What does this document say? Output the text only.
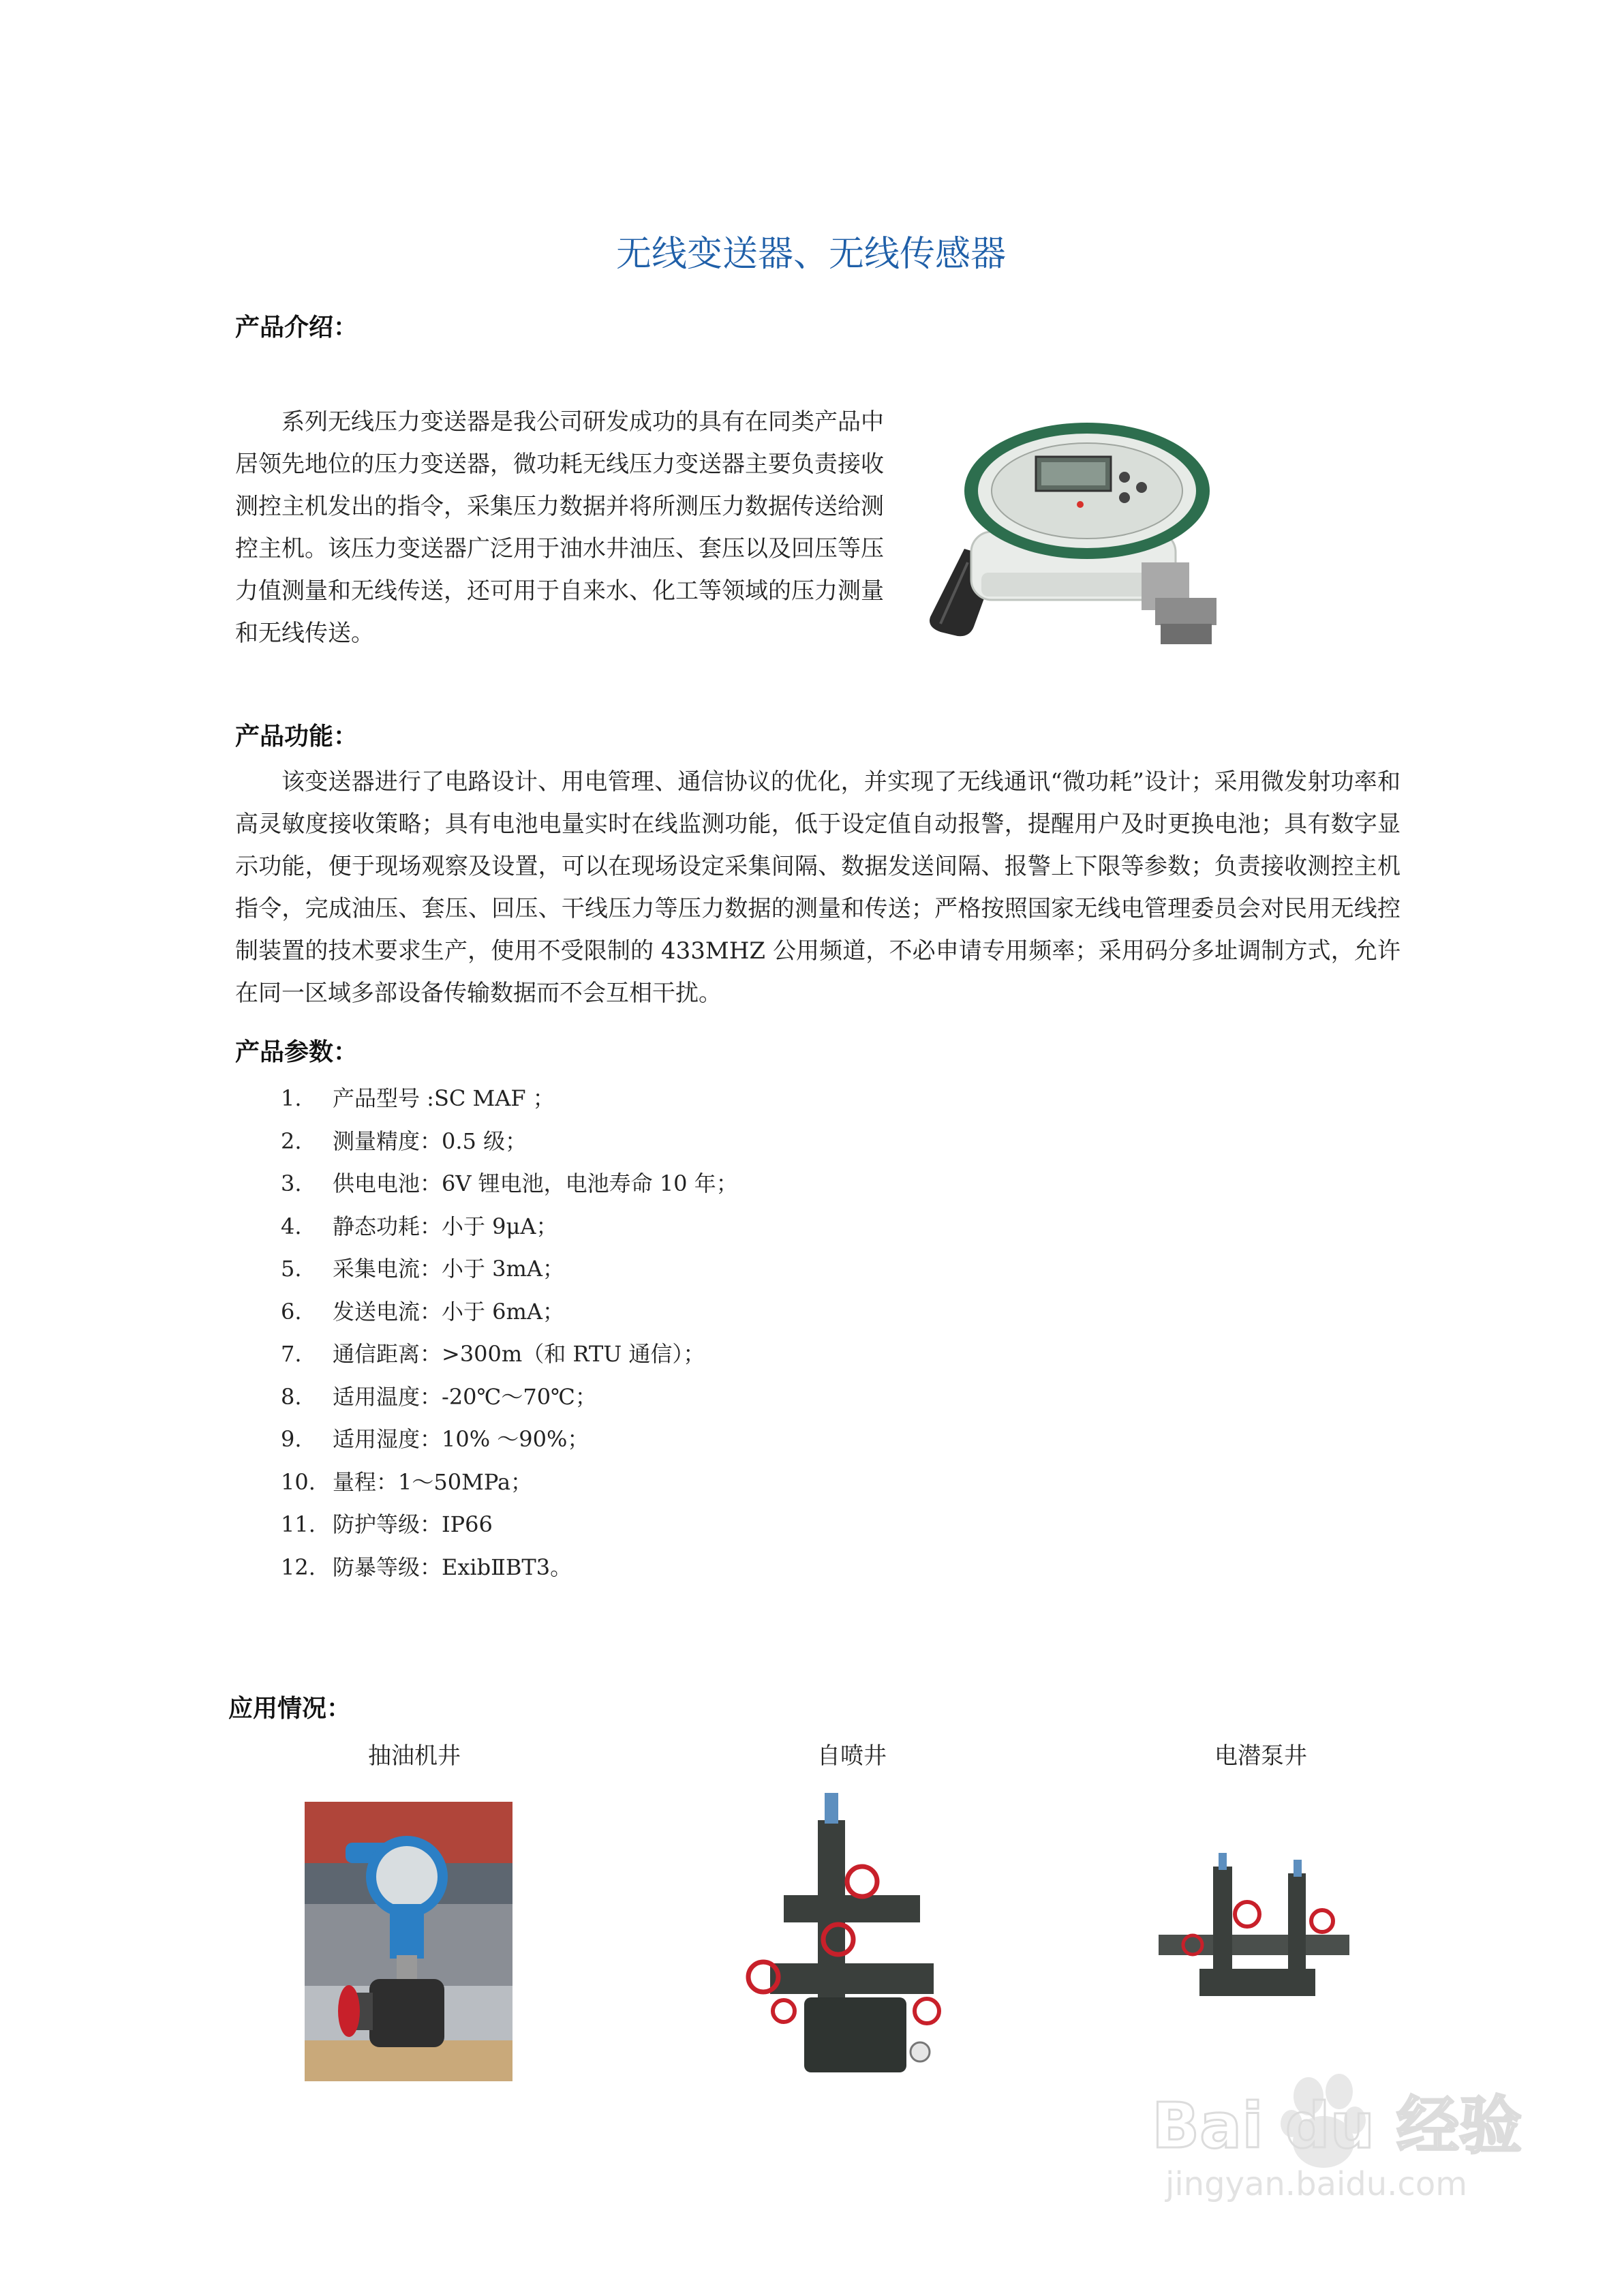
无线变送器、无线传感器
产品介绍：
系列无线压力变送器是我公司研发成功的具有在同类产品中居领先地位的压力变送器，微功耗无线压力变送器主要负责接收测控主机发出的指令，采集压力数据并将所测压力数据传送给测控主机。该压力变送器广泛用于油水井油压、套压以及回压等压力值测量和无线传送，还可用于自来水、化工等领域的压力测量和无线传送。
产品功能：
该变送器进行了电路设计、用电管理、通信协议的优化，并实现了无线通讯“微功耗”设计；采用微发射功率和高灵敏度接收策略；具有电池电量实时在线监测功能，低于设定值自动报警，提醒用户及时更换电池；具有数字显示功能，便于现场观察及设置，可以在现场设定采集间隔、数据发送间隔、报警上下限等参数；负责接收测控主机指令，完成油压、套压、回压、干线压力等压力数据的测量和传送；严格按照国家无线电管理委员会对民用无线控制装置的技术要求生产，使用不受限制的 433MHZ 公用频道，不必申请专用频率；采用码分多址调制方式，允许在同一区域多部设备传输数据而不会互相干扰。
产品参数：
1. 产品型号 :SC MAF ；
2. 测量精度：0.5 级；
3. 供电电池：6V 锂电池，电池寿命 10 年；
4. 静态功耗：小于 9μA；
5. 采集电流：小于 3mA；
6. 发送电流：小于 6mA；
7. 通信距离：>300m（和 RTU 通信）；
8. 适用温度：-20℃～70℃；
9. 适用湿度：10% ～90%；
10. 量程：1～50MPa；
11. 防护等级：IP66
12. 防暴等级：ExibⅡBT3。
应用情况：
抽油机井	自喷井	电潜泵井
Bai du 经验
jingyan.baidu.com
